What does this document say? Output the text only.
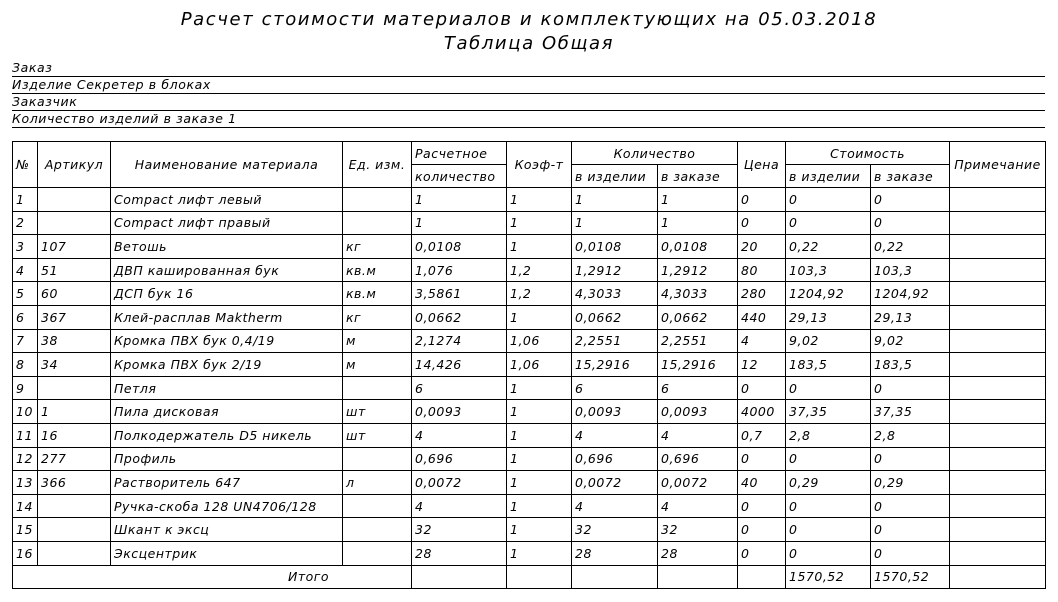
Расчет стоимости материалов и комплектующих на 05.03.2018
Таблица Общая
Заказ
Изделие Секретер в блоках
Заказчик
Количество изделий в заказе 1
№	Артикул	Наименование материала	Ед. изм.	Расчетное	Коэф-т	Количество		Цена	Стоимость		Примечание
				количество		в изделии	в заказе		в изделии	в заказе	
1		Compact лифт левый		1	1	1	1	0	0	0	
2		Compact лифт правый		1	1	1	1	0	0	0	
3	107	Ветошь	кг	0,0108	1	0,0108	0,0108	20	0,22	0,22	
4	51	ДВП кашированная бук	кв.м	1,076	1,2	1,2912	1,2912	80	103,3	103,3	
5	60	ДСП бук 16	кв.м	3,5861	1,2	4,3033	4,3033	280	1204,92	1204,92	
6	367	Клей-расплав Makthеrm	кг	0,0662	1	0,0662	0,0662	440	29,13	29,13	
7	38	Кромка ПВХ бук 0,4/19	м	2,1274	1,06	2,2551	2,2551	4	9,02	9,02	
8	34	Кромка ПВХ бук 2/19	м	14,426	1,06	15,2916	15,2916	12	183,5	183,5	
9		Петля		6	1	6	6	0	0	0	
10	1	Пила дисковая	шт	0,0093	1	0,0093	0,0093	4000	37,35	37,35	
11	16	Полкодержатель D5 никель	шт	4	1	4	4	0,7	2,8	2,8	
12	277	Профиль		0,696	1	0,696	0,696	0	0	0	
13	366	Растворитель 647	л	0,0072	1	0,0072	0,0072	40	0,29	0,29	
14		Ручка-скоба 128 UN4706/128		4	1	4	4	0	0	0	
15		Шкант к эксц		32	1	32	32	0	0	0	
16		Эксцентрик		28	1	28	28	0	0	0	
Итого									1570,52	1570,52	
